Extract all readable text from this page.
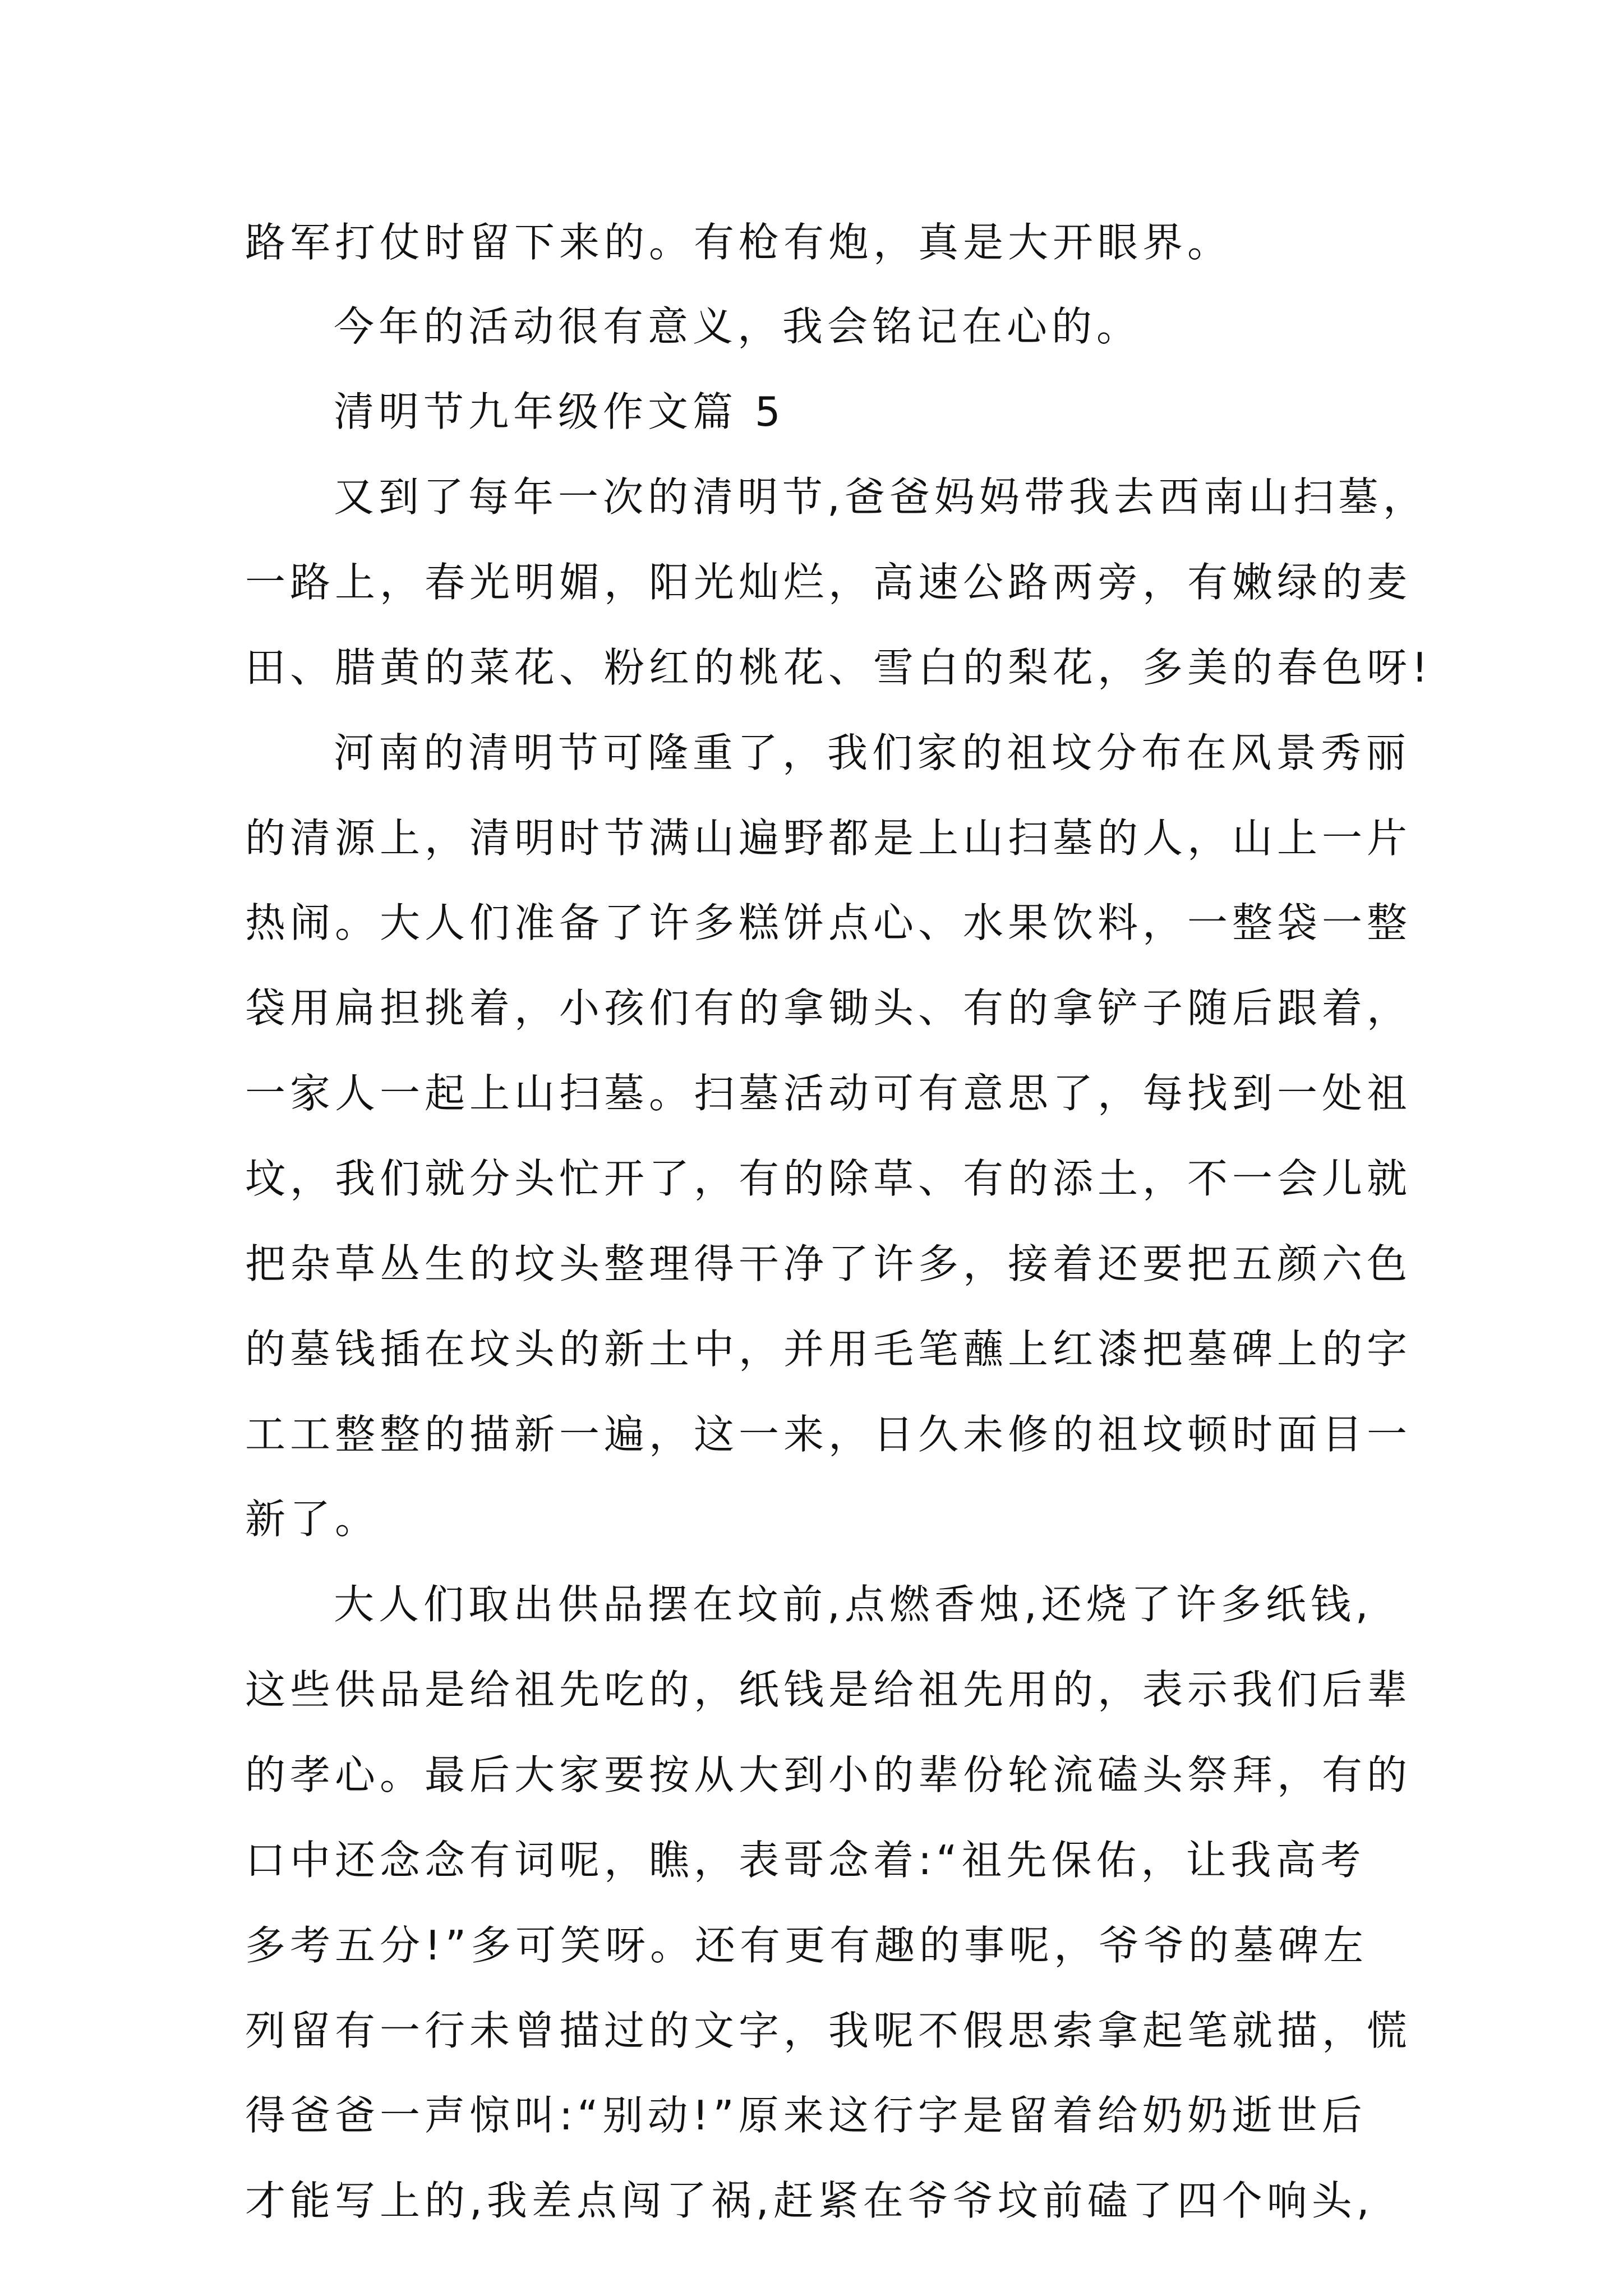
路军打仗时留下来的。有枪有炮，真是大开眼界。

今年的活动很有意义，我会铭记在心的。

清明节九年级作文篇 5

又到了每年一次的清明节,爸爸妈妈带我去西南山扫墓，

一路上，春光明媚，阳光灿烂，高速公路两旁，有嫩绿的麦

田、腊黄的菜花、粉红的桃花、雪白的梨花，多美的春色呀!

河南的清明节可隆重了，我们家的祖坟分布在风景秀丽

的清源上，清明时节满山遍野都是上山扫墓的人，山上一片

热闹。大人们准备了许多糕饼点心、水果饮料，一整袋一整

袋用扁担挑着，小孩们有的拿锄头、有的拿铲子随后跟着，

一家人一起上山扫墓。扫墓活动可有意思了，每找到一处祖

坟，我们就分头忙开了，有的除草、有的添土，不一会儿就

把杂草丛生的坟头整理得干净了许多，接着还要把五颜六色

的墓钱插在坟头的新土中，并用毛笔蘸上红漆把墓碑上的字

工工整整的描新一遍，这一来，日久未修的祖坟顿时面目一

新了。

大人们取出供品摆在坟前,点燃香烛,还烧了许多纸钱,

这些供品是给祖先吃的，纸钱是给祖先用的，表示我们后辈

的孝心。最后大家要按从大到小的辈份轮流磕头祭拜，有的

口中还念念有词呢，瞧，表哥念着:“祖先保佑，让我高考

多考五分!”多可笑呀。还有更有趣的事呢，爷爷的墓碑左

列留有一行未曾描过的文字，我呢不假思索拿起笔就描，慌

得爸爸一声惊叫:“别动!”原来这行字是留着给奶奶逝世后

才能写上的,我差点闯了祸,赶紧在爷爷坟前磕了四个响头,
